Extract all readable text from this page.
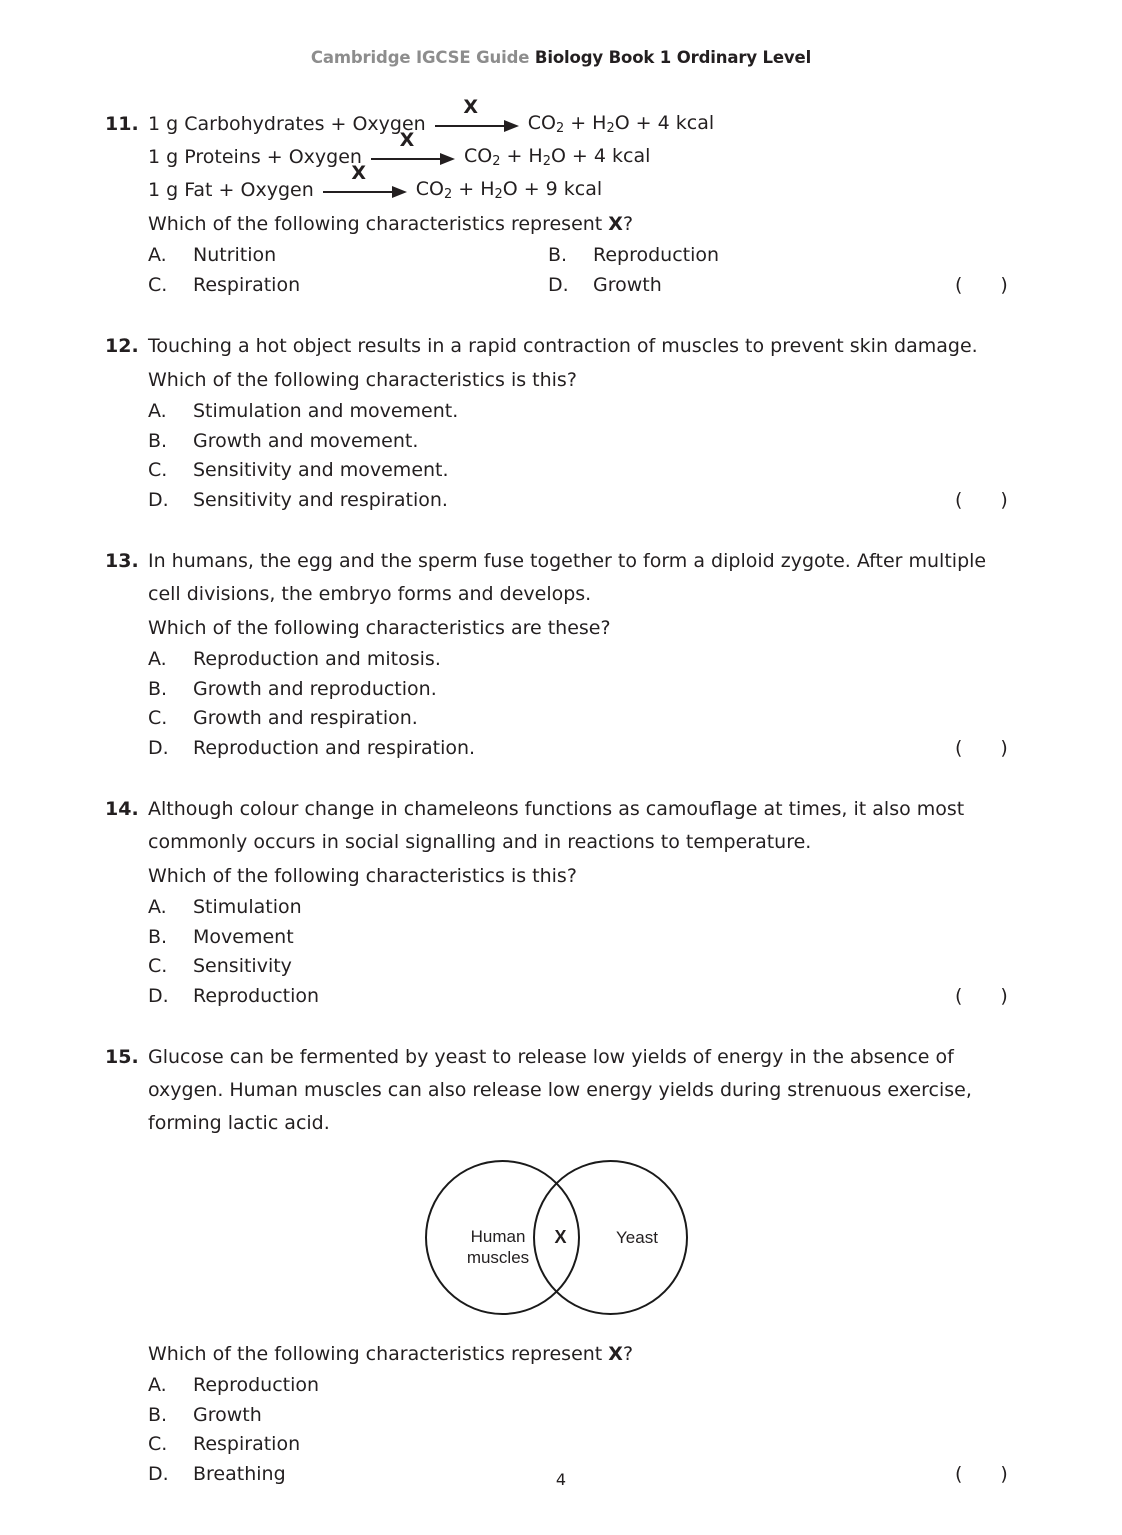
Cambridge IGCSE Guide Biology Book 1 Ordinary Level
11. 1 g Carbohydrates + Oxygen
X
$CO_2 + H_2O + 4$ kcal
1 g Proteins + Oxygen
X
$CO_2 + H_2O + 4$ kcal
1 g Fat + Oxygen
X
$CO_2 + H_2O + 9$ kcal
Which of the following characteristics represent X?
A. Nutrition	B. Reproduction
C. Respiration	D. Growth	( )
12. Touching a hot object results in a rapid contraction of muscles to prevent skin damage.
Which of the following characteristics is this?
A. Stimulation and movement.
B. Growth and movement.
C. Sensitivity and movement.
D. Sensitivity and respiration.	( )
13. In humans, the egg and the sperm fuse together to form a diploid zygote. After multiple cell divisions, the embryo forms and develops.
Which of the following characteristics are these?
A. Reproduction and mitosis.
B. Growth and reproduction.
C. Growth and respiration.
D. Reproduction and respiration.	( )
14. Although colour change in chameleons functions as camouflage at times, it also most commonly occurs in social signalling and in reactions to temperature.
Which of the following characteristics is this?
A. Stimulation
B. Movement
C. Sensitivity
D. Reproduction	( )
15. Glucose can be fermented by yeast to release low yields of energy in the absence of oxygen. Human muscles can also release low energy yields during strenuous exercise, forming lactic acid.
Human
muscles
X	Yeast
Which of the following characteristics represent X?
A. Reproduction
B. Growth
C. Respiration
D. Breathing	( )
4
